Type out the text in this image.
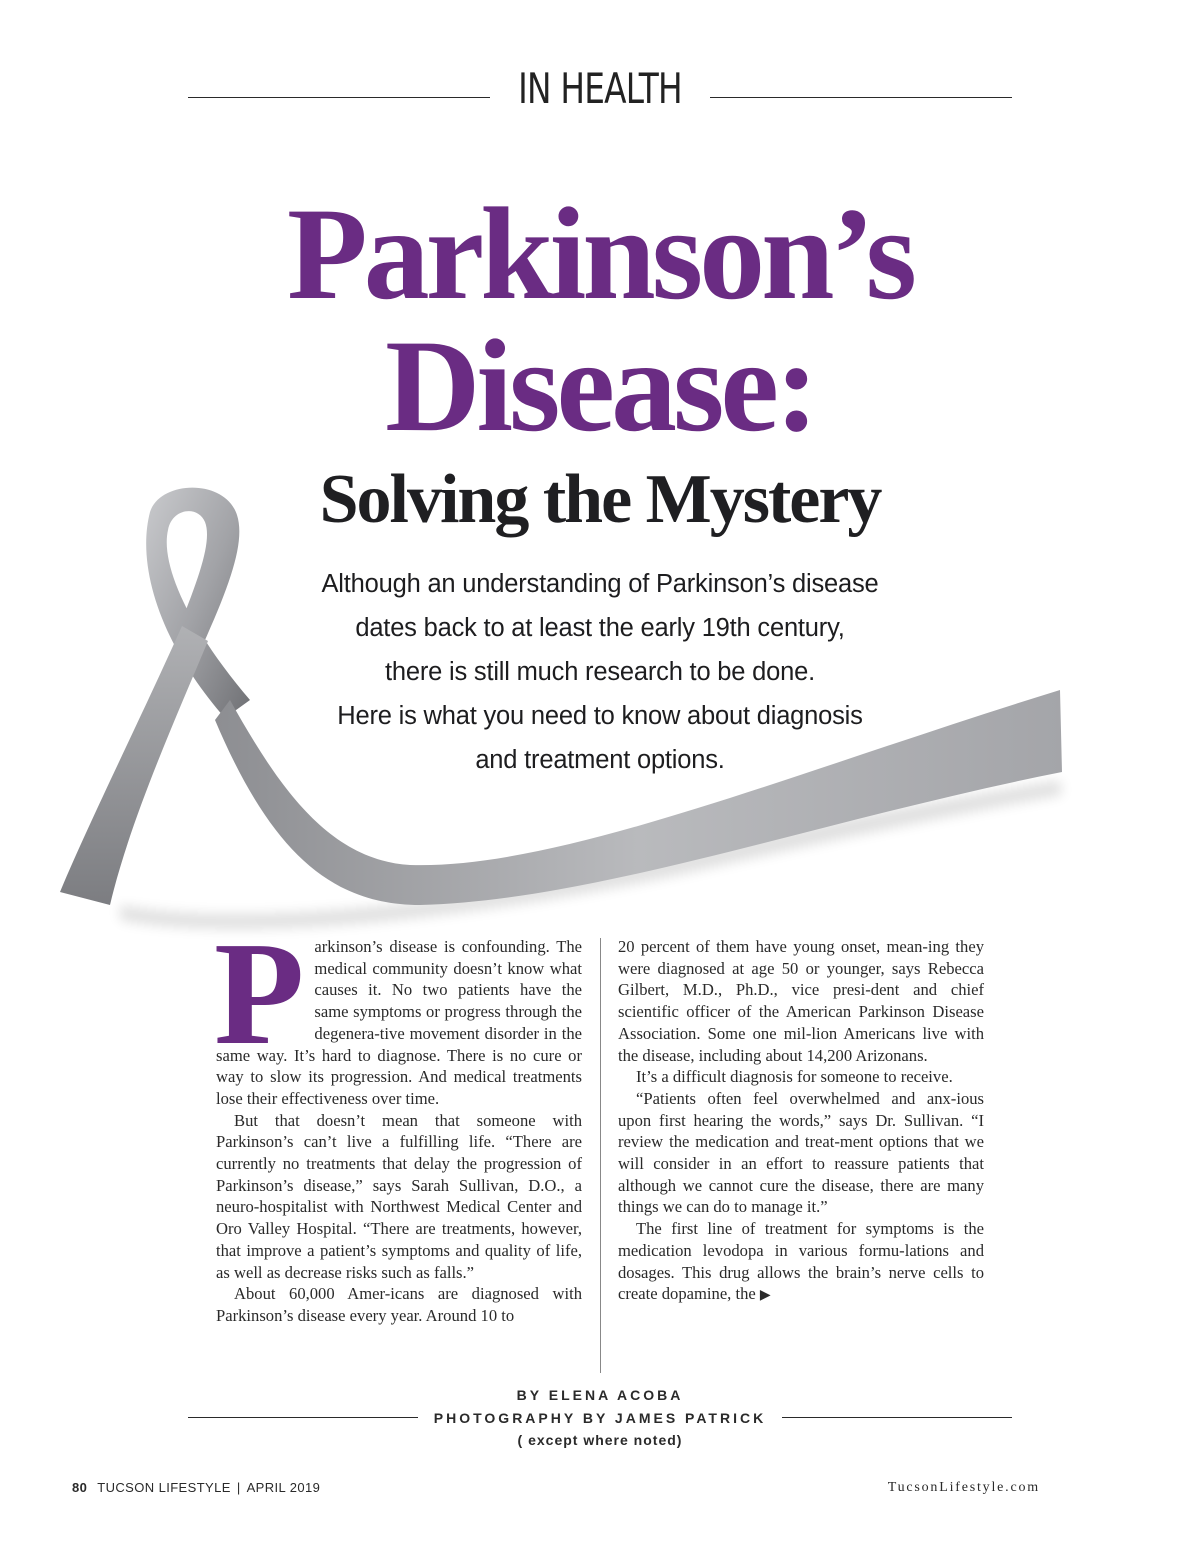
IN HEALTH
Parkinson’s
Disease:
Solving the Mystery
Although an understanding of Parkinson’s disease
dates back to at least the early 19th century,
there is still much research to be done.
Here is what you need to know about diagnosis
and treatment options.

Parkinson’s disease is confounding. The medical community doesn’t know what causes it. No two patients have the same symptoms or progress through the degenera-tive movement disorder in the same way. It’s hard to diagnose. There is no cure or way to slow its progression. And medical treatments lose their effectiveness over time.

But that doesn’t mean that someone with Parkinson’s can’t live a fulfilling life. “There are currently no treatments that delay the progression of Parkinson’s disease,” says Sarah Sullivan, D.O., a neuro-hospitalist with Northwest Medical Center and Oro Valley Hospital. “There are treatments, however, that improve a patient’s symptoms and quality of life, as well as decrease risks such as falls.”

About 60,000 Amer-icans are diagnosed with Parkinson’s disease every year. Around 10 to

20 percent of them have young onset, mean-ing they were diagnosed at age 50 or younger, says Rebecca Gilbert, M.D., Ph.D., vice presi-dent and chief scientific officer of the American Parkinson Disease Association. Some one mil-lion Americans live with the disease, including about 14,200 Arizonans.

It’s a difficult diagnosis for someone to receive.

“Patients often feel overwhelmed and anx-ious upon first hearing the words,” says Dr. Sullivan. “I review the medication and treat-ment options that we will consider in an effort to reassure patients that although we cannot cure the disease, there are many things we can do to manage it.”

The first line of treatment for symptoms is the medication levodopa in various formu-lations and dosages. This drug allows the brain’s nerve cells to create dopamine, the ▶

BY ELENA ACOBA
PHOTOGRAPHY BY JAMES PATRICK
( except where noted)
80 TUCSON LIFESTYLE | APRIL 2019	TucsonLifestyle.com
